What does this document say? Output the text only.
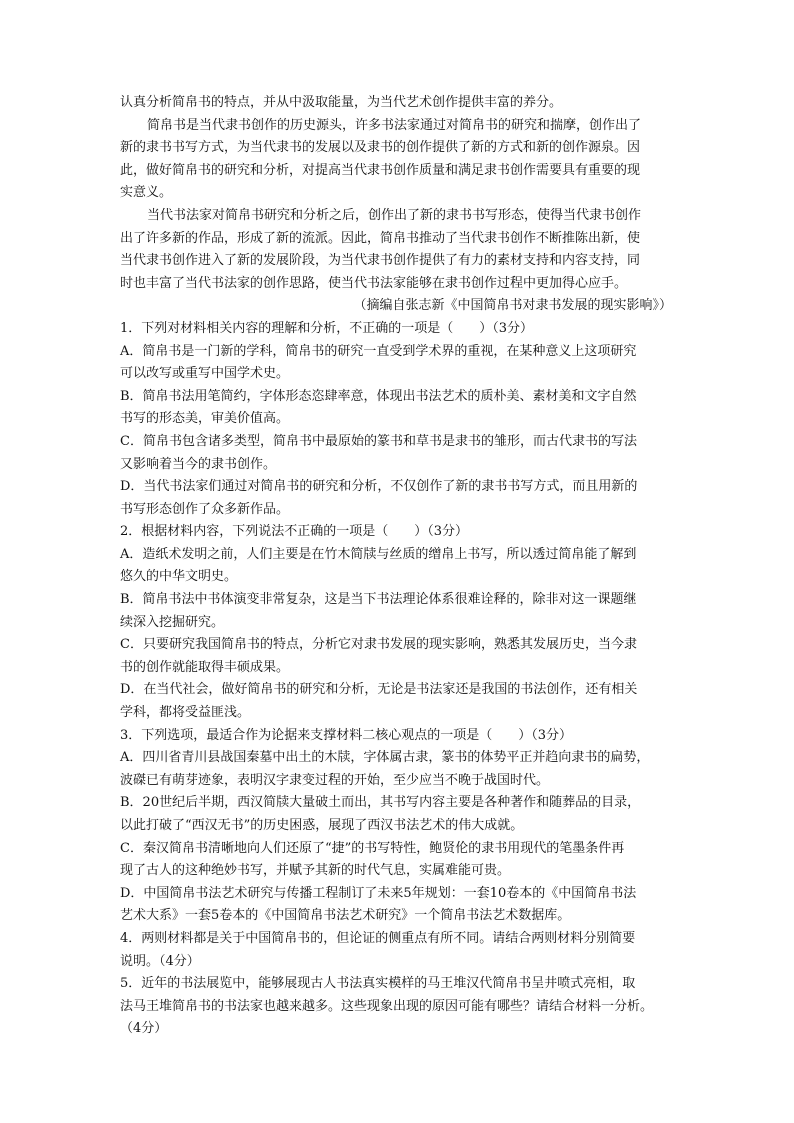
认真分析简帛书的特点，并从中汲取能量，为当代艺术创作提供丰富的养分。
简帛书是当代隶书创作的历史源头，许多书法家通过对简帛书的研究和揣摩，创作出了
新的隶书书写方式，为当代隶书的发展以及隶书的创作提供了新的方式和新的创作源泉。因
此，做好简帛书的研究和分析，对提高当代隶书创作质量和满足隶书创作需要具有重要的现
实意义。
当代书法家对简帛书研究和分析之后，创作出了新的隶书书写形态，使得当代隶书创作
出了许多新的作品，形成了新的流派。因此，简帛书推动了当代隶书创作不断推陈出新，使
当代隶书创作进入了新的发展阶段，为当代隶书创作提供了有力的素材支持和内容支持，同
时也丰富了当代书法家的创作思路，使当代书法家能够在隶书创作过程中更加得心应手。
（摘编自张志新《中国简帛书对隶书发展的现实影响》）
1．下列对材料相关内容的理解和分析，不正确的一项是（　　）（3分）
A．简帛书是一门新的学科，简帛书的研究一直受到学术界的重视，在某种意义上这项研究
可以改写或重写中国学术史。
B．简帛书法用笔简约，字体形态恣肆率意，体现出书法艺术的质朴美、素材美和文字自然
书写的形态美，审美价值高。
C．简帛书包含诸多类型，简帛书中最原始的篆书和草书是隶书的雏形，而古代隶书的写法
又影响着当今的隶书创作。
D．当代书法家们通过对简帛书的研究和分析，不仅创作了新的隶书书写方式，而且用新的
书写形态创作了众多新作品。
2．根据材料内容，下列说法不正确的一项是（　　）（3分）
A．造纸术发明之前，人们主要是在竹木简牍与丝质的缯帛上书写，所以透过简帛能了解到
悠久的中华文明史。
B．简帛书法中书体演变非常复杂，这是当下书法理论体系很难诠释的，除非对这一课题继
续深入挖掘研究。
C．只要研究我国简帛书的特点，分析它对隶书发展的现实影响，熟悉其发展历史，当今隶
书的创作就能取得丰硕成果。
D．在当代社会，做好简帛书的研究和分析，无论是书法家还是我国的书法创作，还有相关
学科，都将受益匪浅。
3．下列选项，最适合作为论据来支撑材料二核心观点的一项是（　　）（3分）
A．四川省青川县战国秦墓中出土的木牍，字体属古隶，篆书的体势平正并趋向隶书的扁势，
波磔已有萌芽迹象，表明汉字隶变过程的开始，至少应当不晚于战国时代。
B．20世纪后半期，西汉简牍大量破土而出，其书写内容主要是各种著作和随葬品的目录，
以此打破了“西汉无书”的历史困惑，展现了西汉书法艺术的伟大成就。
C．秦汉简帛书清晰地向人们还原了“捷”的书写特性，鲍贤伦的隶书用现代的笔墨条件再
现了古人的这种绝妙书写，并赋予其新的时代气息，实属难能可贵。
D．中国简帛书法艺术研究与传播工程制订了未来5年规划：一套10卷本的《中国简帛书法
艺术大系》一套5卷本的《中国简帛书法艺术研究》一个简帛书法艺术数据库。
4．两则材料都是关于中国简帛书的，但论证的侧重点有所不同。请结合两则材料分别简要
说明。（4分）
5．近年的书法展览中，能够展现古人书法真实模样的马王堆汉代简帛书呈井喷式亮相，取
法马王堆简帛书的书法家也越来越多。这些现象出现的原因可能有哪些？请结合材料一分析。
（4分）
